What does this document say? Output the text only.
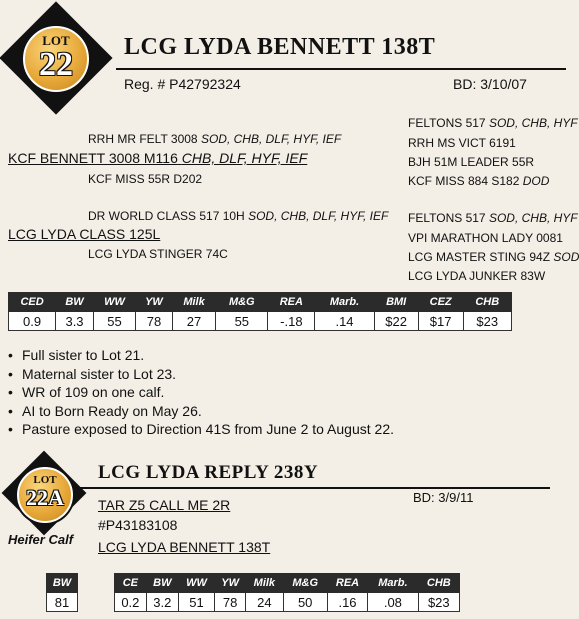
LOT
22	LCG LYDA BENNETT 138T
Reg. # P42792324	BD: 3/10/07
RRH MR FELT 3008 SOD, CHB, DLF, HYF, IEF
KCF BENNETT 3008 M116 CHB, DLF, HYF, IEF
KCF MISS 55R D202
FELTONS 517 SOD, CHB, HYF
RRH MS VICT 6191
BJH 51M LEADER 55R
KCF MISS 884 S182 DOD
DR WORLD CLASS 517 10H SOD, CHB, DLF, HYF, IEF
LCG LYDA CLASS 125L
LCG LYDA STINGER 74C
FELTONS 517 SOD, CHB, HYF
VPI MARATHON LADY 0081
LCG MASTER STING 94Z SOD
LCG LYDA JUNKER 83W
CED	BW	WW	YW	Milk	M&G	REA	Marb.	BMI	CEZ	CHB
0.9	3.3	55	78	27	55	-.18	.14	$22	$17	$23
• Full sister to Lot 21.
• Maternal sister to Lot 23.
• WR of 109 on one calf.
• AI to Born Ready on May 26.
• Pasture exposed to Direction 41S from June 2 to August 22.
LOT
22A
Heifer Calf
LCG LYDA REPLY 238Y
BD: 3/9/11
TAR Z5 CALL ME 2R
#P43183108
LCG LYDA BENNETT 138T
BW
81
CE	BW	WW	YW	Milk	M&G	REA	Marb.	CHB
0.2	3.2	51	78	24	50	.16	.08	$23
